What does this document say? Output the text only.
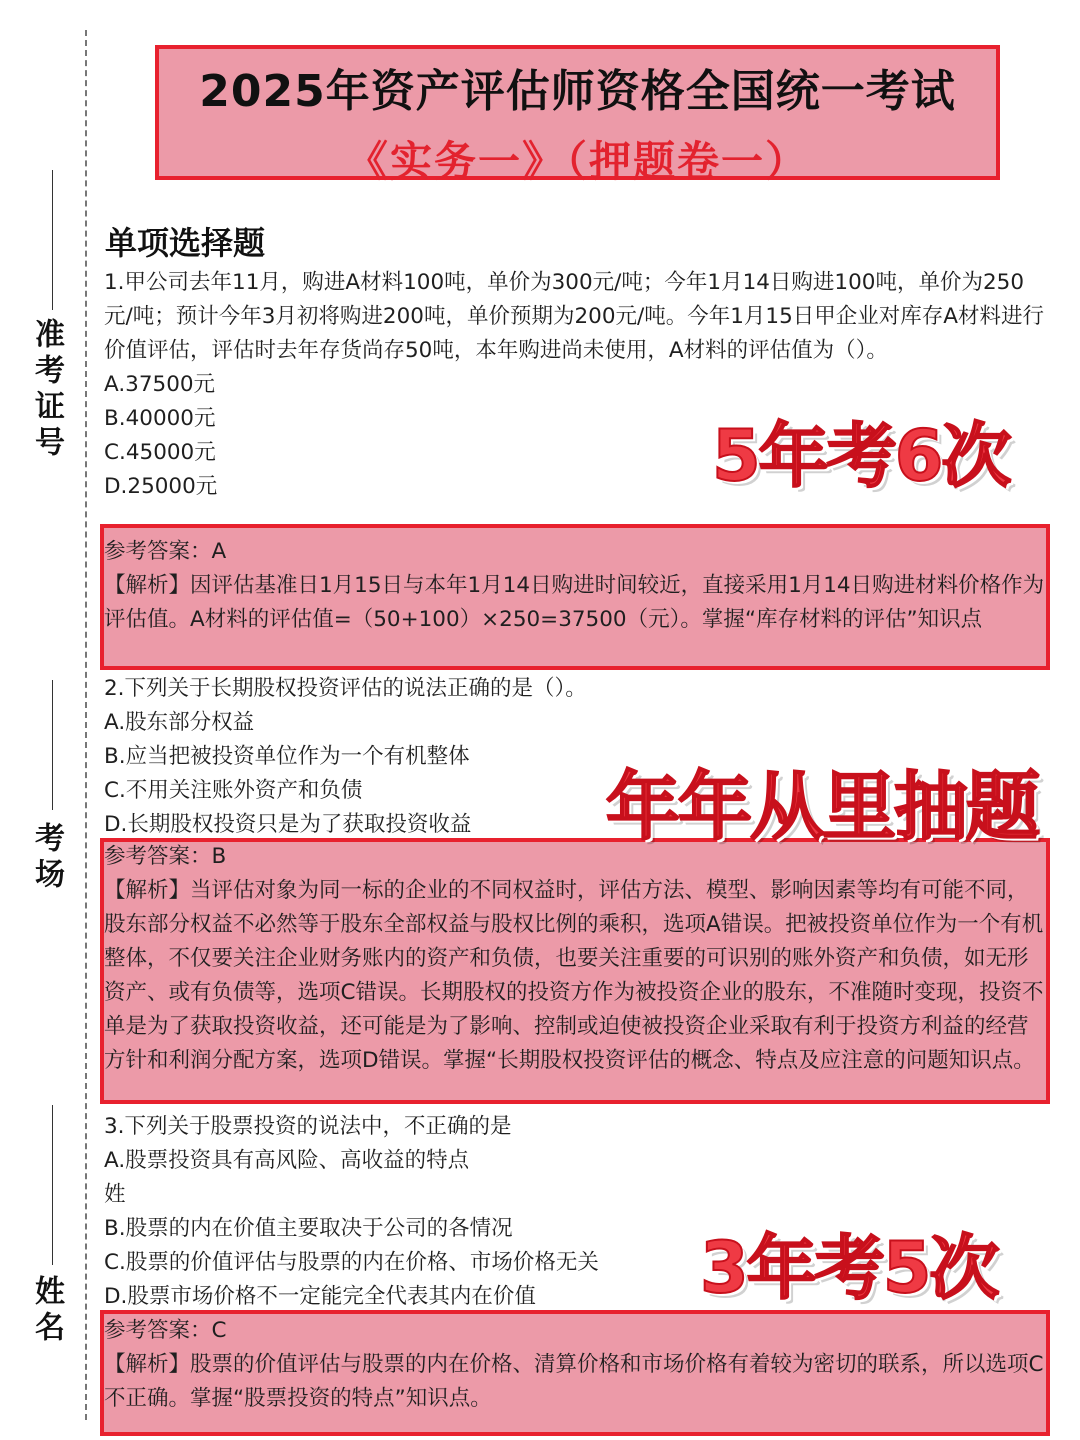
准考证号
考场
姓名
2025年资产评估师资格全国统一考试
《实务一》（押题卷一）
单项选择题

1.甲公司去年11月，购进A材料100吨，单价为300元/吨；今年1月14日购进100吨，单价为250元/吨；预计今年3月初将购进200吨，单价预期为200元/吨。今年1月15日甲企业对库存A材料进行价值评估，评估时去年存货尚存50吨，本年购进尚未使用，A材料的评估值为（）。

A.37500元

B.40000元

C.45000元

D.25000元

参考答案：A

【解析】因评估基准日1月15日与本年1月14日购进时间较近，直接采用1月14日购进材料价格作为评估值。A材料的评估值=（50+100）×250=37500（元）。掌握“库存材料的评估”知识点

2.下列关于长期股权投资评估的说法正确的是（）。

A.股东部分权益

B.应当把被投资单位作为一个有机整体

C.不用关注账外资产和负债

D.长期股权投资只是为了获取投资收益

参考答案：B

【解析】当评估对象为同一标的企业的不同权益时，评估方法、模型、影响因素等均有可能不同，股东部分权益不必然等于股东全部权益与股权比例的乘积，选项A错误。把被投资单位作为一个有机整体，不仅要关注企业财务账内的资产和负债，也要关注重要的可识别的账外资产和负债，如无形资产、或有负债等，选项C错误。长期股权的投资方作为被投资企业的股东，不准随时变现，投资不单是为了获取投资收益，还可能是为了影响、控制或迫使被投资企业采取有利于投资方利益的经营方针和利润分配方案，选项D错误。掌握“长期股权投资评估的概念、特点及应注意的问题知识点。

3.下列关于股票投资的说法中，不正确的是

A.股票投资具有高风险、高收益的特点

姓

B.股票的内在价值主要取决于公司的各情况

C.股票的价值评估与股票的内在价格、市场价格无关

D.股票市场价格不一定能完全代表其内在价值

参考答案：C

【解析】股票的价值评估与股票的内在价格、清算价格和市场价格有着较为密切的联系，所以选项C不正确。掌握“股票投资的特点”知识点。

5年考6次
年年从里抽题
3年考5次
